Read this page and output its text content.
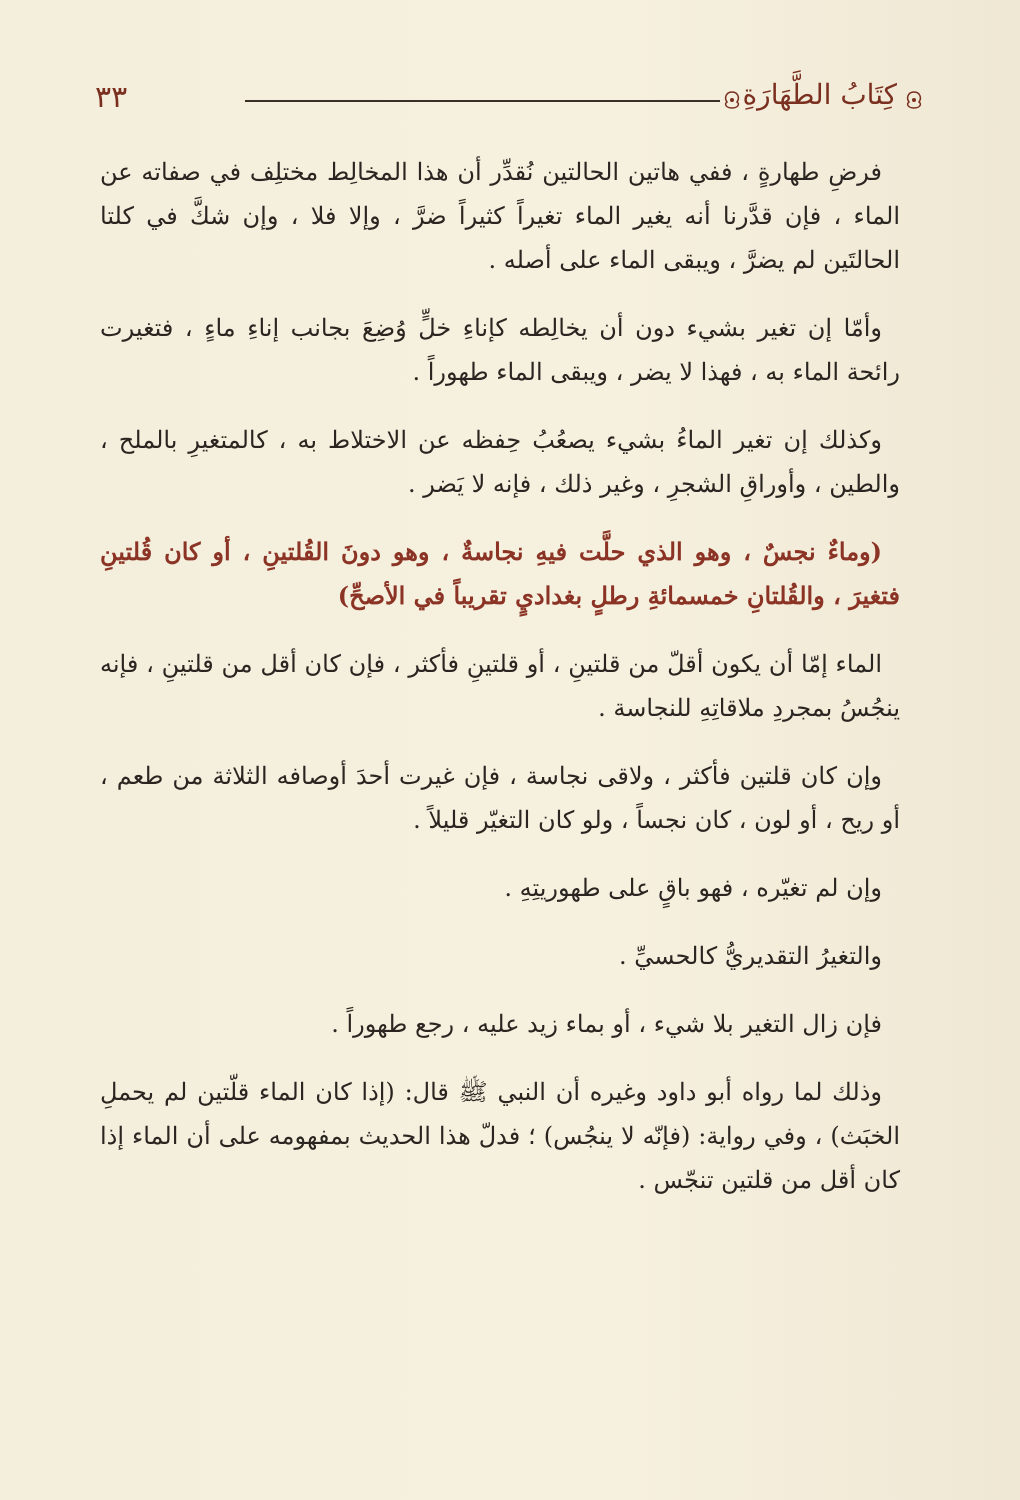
٣٣	كِتَابُ الطَّهَارَةِ

فرضِ طهارةٍ ، ففي هاتين الحالتين نُقدِّر أن هذا المخالِط مختلِف في صفاته عن الماء ، فإن قدَّرنا أنه يغير الماء تغيراً كثيراً ضرَّ ، وإلا فلا ، وإن شكَّ في كلتا الحالتَين لم يضرَّ ، ويبقى الماء على أصله .

وأمّا إن تغير بشيء دون أن يخالِطه كإناءِ خلٍّ وُضِعَ بجانب إناءِ ماءٍ ، فتغيرت رائحة الماء به ، فهذا لا يضر ، ويبقى الماء طهوراً .

وكذلك إن تغير الماءُ بشيء يصعُبُ حِفظه عن الاختلاط به ، كالمتغيرِ بالملح ، والطين ، وأوراقِ الشجرِ ، وغير ذلك ، فإنه لا يَضر .

(وماءٌ نجسٌ ، وهو الذي حلَّت فيهِ نجاسةٌ ، وهو دونَ القُلتينِ ، أو كان قُلتينِ فتغيرَ ، والقُلتانِ خمسمائةِ رطلٍ بغداديٍ تقريباً في الأصحِّ)

الماء إمّا أن يكون أقلّ من قلتينِ ، أو قلتينِ فأكثر ، فإن كان أقل من قلتينِ ، فإنه ينجُسُ بمجردِ ملاقاتِهِ للنجاسة .

وإن كان قلتين فأكثر ، ولاقى نجاسة ، فإن غيرت أحدَ أوصافه الثلاثة من طعم ، أو ريح ، أو لون ، كان نجساً ، ولو كان التغيّر قليلاً .

وإن لم تغيّره ، فهو باقٍ على طهوريتِهِ .

والتغيرُ التقديريُّ كالحسيِّ .

فإن زال التغير بلا شيء ، أو بماء زيد عليه ، رجع طهوراً .

وذلك لما رواه أبو داود وغيره أن النبي ﷺ قال: (إذا كان الماء قلّتين لم يحملِ الخبَث) ، وفي رواية: (فإنّه لا ينجُس) ؛ فدلّ هذا الحديث بمفهومه على أن الماء إذا كان أقل من قلتين تنجّس .
